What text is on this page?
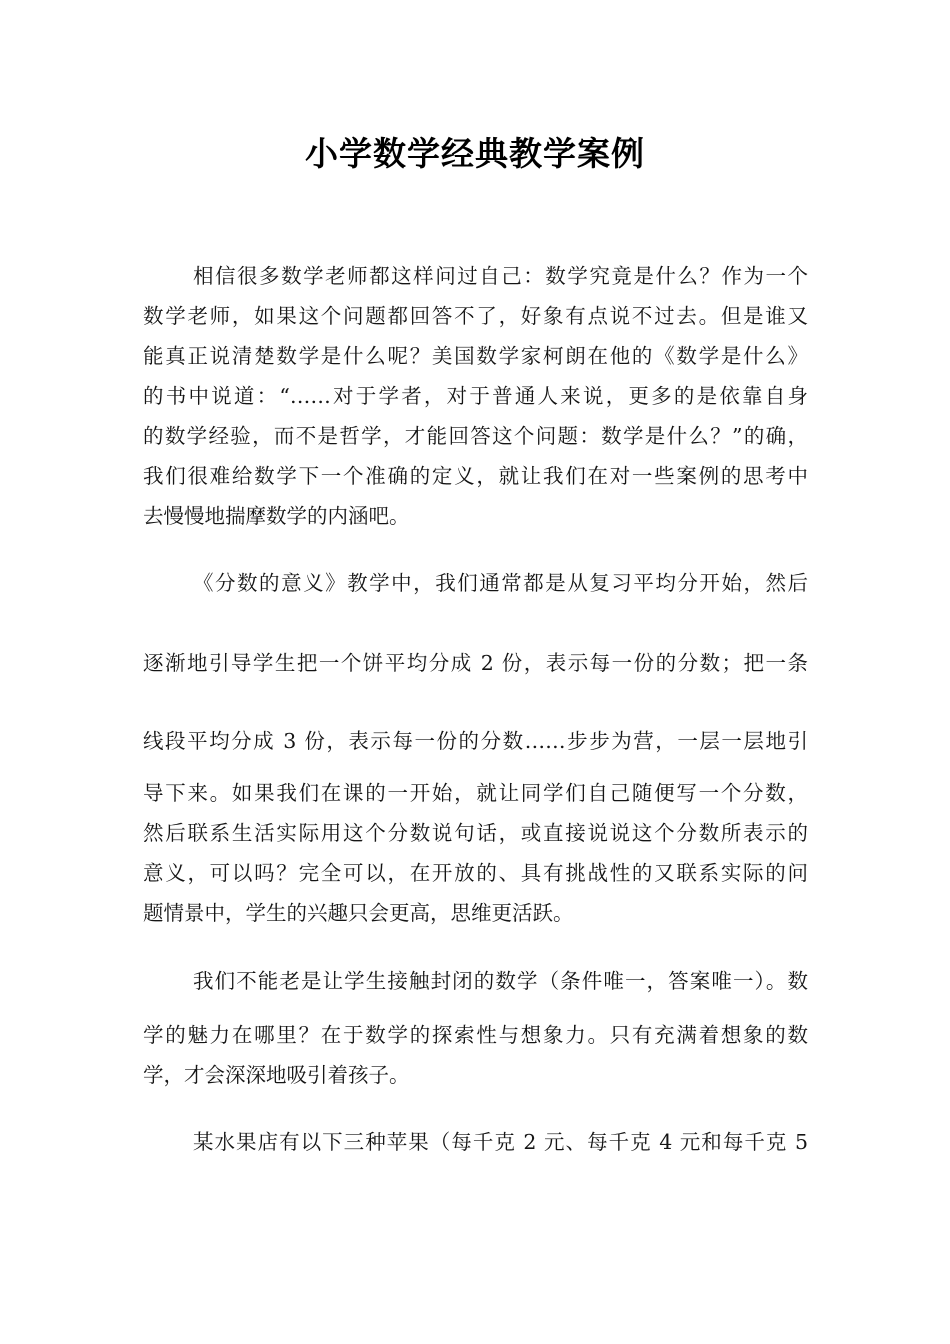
小学数学经典教学案例
相信很多数学老师都这样问过自己：数学究竟是什么？作为一个
数学老师，如果这个问题都回答不了，好象有点说不过去。但是谁又
能真正说清楚数学是什么呢？美国数学家柯朗在他的《数学是什么》
的书中说道：“……对于学者，对于普通人来说，更多的是依靠自身
的数学经验，而不是哲学，才能回答这个问题：数学是什么？”的确，
我们很难给数学下一个准确的定义，就让我们在对一些案例的思考中
去慢慢地揣摩数学的内涵吧。
《分数的意义》教学中，我们通常都是从复习平均分开始，然后
逐渐地引导学生把一个饼平均分成 2 份，表示每一份的分数；把一条
线段平均分成 3 份，表示每一份的分数……步步为营，一层一层地引
导下来。如果我们在课的一开始，就让同学们自己随便写一个分数，
然后联系生活实际用这个分数说句话，或直接说说这个分数所表示的
意义，可以吗？完全可以，在开放的、具有挑战性的又联系实际的问
题情景中，学生的兴趣只会更高，思维更活跃。
我们不能老是让学生接触封闭的数学（条件唯一，答案唯一）。数
学的魅力在哪里？在于数学的探索性与想象力。只有充满着想象的数
学，才会深深地吸引着孩子。
某水果店有以下三种苹果（每千克 2 元、每千克 4 元和每千克 5
